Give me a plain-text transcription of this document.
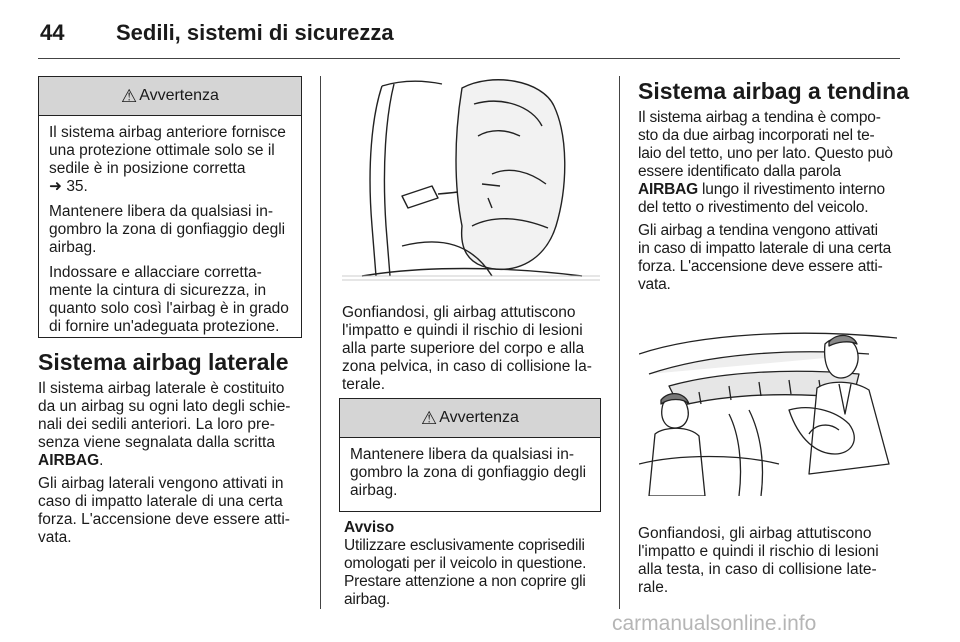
44 Sedili, sistemi di sicurezza
⚠ Avvertenza

Il sistema airbag anteriore fornisce
una protezione ottimale solo se il
sedile è in posizione corretta
➜ 35.

Mantenere libera da qualsiasi in-
gombro la zona di gonfiaggio degli
airbag.

Indossare e allacciare corretta-
mente la cintura di sicurezza, in
quanto solo così l'airbag è in grado
di fornire un'adeguata protezione.

Sistema airbag laterale

Il sistema airbag laterale è costituito
da un airbag su ogni lato degli schie-
nali dei sedili anteriori. La loro pre-
senza viene segnalata dalla scritta
AIRBAG.

Gli airbag laterali vengono attivati in
caso di impatto laterale di una certa
forza. L'accensione deve essere atti-
vata.

Gonfiandosi, gli airbag attutiscono
l'impatto e quindi il rischio di lesioni
alla parte superiore del corpo e alla
zona pelvica, in caso di collisione la-
terale.

⚠ Avvertenza

Mantenere libera da qualsiasi in-
gombro la zona di gonfiaggio degli
airbag.

Avviso

Utilizzare esclusivamente coprisedili
omologati per il veicolo in questione.
Prestare attenzione a non coprire gli
airbag.

Sistema airbag a tendina

Il sistema airbag a tendina è compo-
sto da due airbag incorporati nel te-
laio del tetto, uno per lato. Questo può
essere identificato dalla parola
AIRBAG lungo il rivestimento interno
del tetto o rivestimento del veicolo.

Gli airbag a tendina vengono attivati
in caso di impatto laterale di una certa
forza. L'accensione deve essere atti-
vata.

Gonfiandosi, gli airbag attutiscono
l'impatto e quindi il rischio di lesioni
alla testa, in caso di collisione late-
rale.

carmanualsonline.info
